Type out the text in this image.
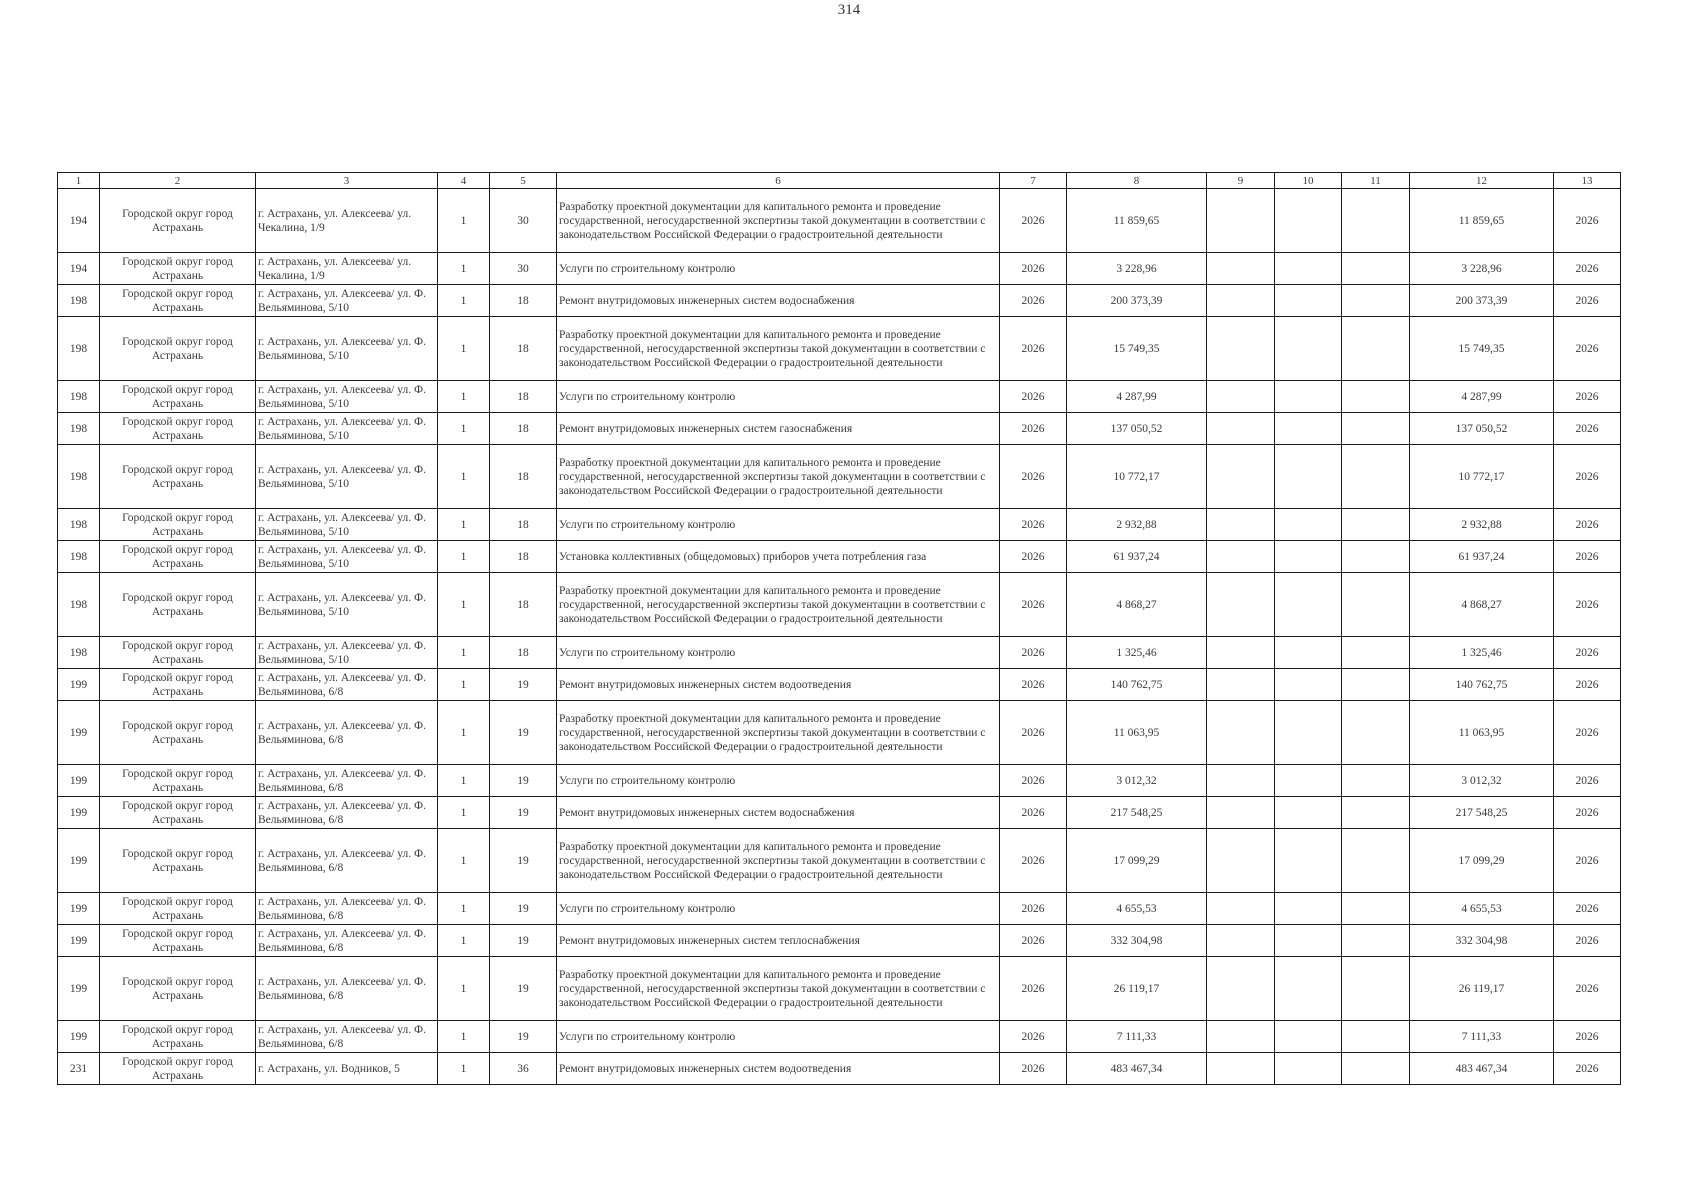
314
1	2	3	4	5	6	7	8	9	10	11	12	13
194	Городской округ город Астрахань	г. Астрахань, ул. Алексеева/ ул. Чекалина, 1/9	1	30	Разработку проектной документации для капитального ремонта и проведение государственной, негосударственной экспертизы такой документации в соответствии с законодательством Российской Федерации о градостроительной деятельности	2026	11 859,65				11 859,65	2026
194	Городской округ город Астрахань	г. Астрахань, ул. Алексеева/ ул. Чекалина, 1/9	1	30	Услуги по строительному контролю	2026	3 228,96				3 228,96	2026
198	Городской округ город Астрахань	г. Астрахань, ул. Алексеева/ ул. Ф. Вельяминова, 5/10	1	18	Ремонт внутридомовых инженерных систем водоснабжения	2026	200 373,39				200 373,39	2026
198	Городской округ город Астрахань	г. Астрахань, ул. Алексеева/ ул. Ф. Вельяминова, 5/10	1	18	Разработку проектной документации для капитального ремонта и проведение государственной, негосударственной экспертизы такой документации в соответствии с законодательством Российской Федерации о градостроительной деятельности	2026	15 749,35				15 749,35	2026
198	Городской округ город Астрахань	г. Астрахань, ул. Алексеева/ ул. Ф. Вельяминова, 5/10	1	18	Услуги по строительному контролю	2026	4 287,99				4 287,99	2026
198	Городской округ город Астрахань	г. Астрахань, ул. Алексеева/ ул. Ф. Вельяминова, 5/10	1	18	Ремонт внутридомовых инженерных систем газоснабжения	2026	137 050,52				137 050,52	2026
198	Городской округ город Астрахань	г. Астрахань, ул. Алексеева/ ул. Ф. Вельяминова, 5/10	1	18	Разработку проектной документации для капитального ремонта и проведение государственной, негосударственной экспертизы такой документации в соответствии с законодательством Российской Федерации о градостроительной деятельности	2026	10 772,17				10 772,17	2026
198	Городской округ город Астрахань	г. Астрахань, ул. Алексеева/ ул. Ф. Вельяминова, 5/10	1	18	Услуги по строительному контролю	2026	2 932,88				2 932,88	2026
198	Городской округ город Астрахань	г. Астрахань, ул. Алексеева/ ул. Ф. Вельяминова, 5/10	1	18	Установка коллективных (общедомовых) приборов учета потребления газа	2026	61 937,24				61 937,24	2026
198	Городской округ город Астрахань	г. Астрахань, ул. Алексеева/ ул. Ф. Вельяминова, 5/10	1	18	Разработку проектной документации для капитального ремонта и проведение государственной, негосударственной экспертизы такой документации в соответствии с законодательством Российской Федерации о градостроительной деятельности	2026	4 868,27				4 868,27	2026
198	Городской округ город Астрахань	г. Астрахань, ул. Алексеева/ ул. Ф. Вельяминова, 5/10	1	18	Услуги по строительному контролю	2026	1 325,46				1 325,46	2026
199	Городской округ город Астрахань	г. Астрахань, ул. Алексеева/ ул. Ф. Вельяминова, 6/8	1	19	Ремонт внутридомовых инженерных систем водоотведения	2026	140 762,75				140 762,75	2026
199	Городской округ город Астрахань	г. Астрахань, ул. Алексеева/ ул. Ф. Вельяминова, 6/8	1	19	Разработку проектной документации для капитального ремонта и проведение государственной, негосударственной экспертизы такой документации в соответствии с законодательством Российской Федерации о градостроительной деятельности	2026	11 063,95				11 063,95	2026
199	Городской округ город Астрахань	г. Астрахань, ул. Алексеева/ ул. Ф. Вельяминова, 6/8	1	19	Услуги по строительному контролю	2026	3 012,32				3 012,32	2026
199	Городской округ город Астрахань	г. Астрахань, ул. Алексеева/ ул. Ф. Вельяминова, 6/8	1	19	Ремонт внутридомовых инженерных систем водоснабжения	2026	217 548,25				217 548,25	2026
199	Городской округ город Астрахань	г. Астрахань, ул. Алексеева/ ул. Ф. Вельяминова, 6/8	1	19	Разработку проектной документации для капитального ремонта и проведение государственной, негосударственной экспертизы такой документации в соответствии с законодательством Российской Федерации о градостроительной деятельности	2026	17 099,29				17 099,29	2026
199	Городской округ город Астрахань	г. Астрахань, ул. Алексеева/ ул. Ф. Вельяминова, 6/8	1	19	Услуги по строительному контролю	2026	4 655,53				4 655,53	2026
199	Городской округ город Астрахань	г. Астрахань, ул. Алексеева/ ул. Ф. Вельяминова, 6/8	1	19	Ремонт внутридомовых инженерных систем теплоснабжения	2026	332 304,98				332 304,98	2026
199	Городской округ город Астрахань	г. Астрахань, ул. Алексеева/ ул. Ф. Вельяминова, 6/8	1	19	Разработку проектной документации для капитального ремонта и проведение государственной, негосударственной экспертизы такой документации в соответствии с законодательством Российской Федерации о градостроительной деятельности	2026	26 119,17				26 119,17	2026
199	Городской округ город Астрахань	г. Астрахань, ул. Алексеева/ ул. Ф. Вельяминова, 6/8	1	19	Услуги по строительному контролю	2026	7 111,33				7 111,33	2026
231	Городской округ город Астрахань	г. Астрахань, ул. Водников, 5	1	36	Ремонт внутридомовых инженерных систем водоотведения	2026	483 467,34				483 467,34	2026
